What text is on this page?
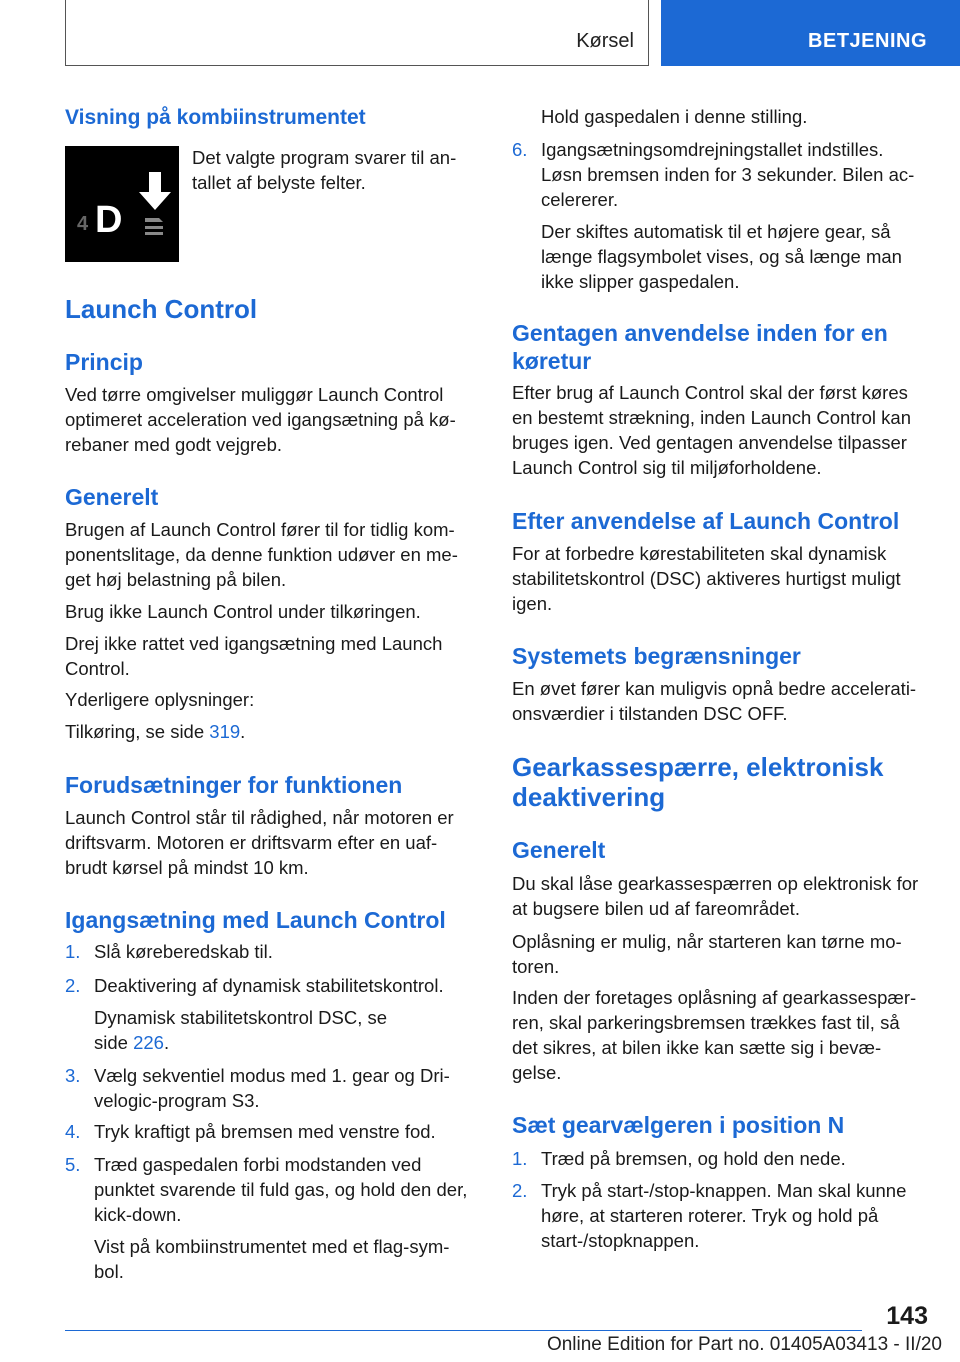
Kørsel	BETJENING
Visning på kombiinstrumentet
4 D
Det valgte program svarer til an-
tallet af belyste felter.
Launch Control
Princip
Ved tørre omgivelser muliggør Launch Control
optimeret acceleration ved igangsætning på kø-
rebaner med godt vejgreb.
Generelt
Brugen af Launch Control fører til for tidlig kom-
ponentslitage, da denne funktion udøver en me-
get høj belastning på bilen.
Brug ikke Launch Control under tilkøringen.
Drej ikke rattet ved igangsætning med Launch
Control.
Yderligere oplysninger:
Tilkøring, se side 319.
Forudsætninger for funktionen
Launch Control står til rådighed, når motoren er
driftsvarm. Motoren er driftsvarm efter en uaf-
brudt kørsel på mindst 10 km.
Igangsætning med Launch Control
1. Slå køreberedskab til.
2. Deaktivering af dynamisk stabilitetskontrol.
Dynamisk stabilitetskontrol DSC, se
side 226.
3. Vælg sekventiel modus med 1. gear og Dri-
velogic-program S3.
4. Tryk kraftigt på bremsen med venstre fod.
5. Træd gaspedalen forbi modstanden ved
punktet svarende til fuld gas, og hold den der,
kick-down.
Vist på kombiinstrumentet med et flag-sym-
bol.
Hold gaspedalen i denne stilling.
6. Igangsætningsomdrejningstallet indstilles.
Løsn bremsen inden for 3 sekunder. Bilen ac-
celererer.
Der skiftes automatisk til et højere gear, så
længe flagsymbolet vises, og så længe man
ikke slipper gaspedalen.
Gentagen anvendelse inden for en
køretur
Efter brug af Launch Control skal der først køres
en bestemt strækning, inden Launch Control kan
bruges igen. Ved gentagen anvendelse tilpasser
Launch Control sig til miljøforholdene.
Efter anvendelse af Launch Control
For at forbedre kørestabiliteten skal dynamisk
stabilitetskontrol (DSC) aktiveres hurtigst muligt
igen.
Systemets begrænsninger
En øvet fører kan muligvis opnå bedre accelerati-
onsværdier i tilstanden DSC OFF.
Gearkassespærre, elektronisk
deaktivering
Generelt
Du skal låse gearkassespærren op elektronisk for
at bugsere bilen ud af fareområdet.
Oplåsning er mulig, når starteren kan tørne mo-
toren.
Inden der foretages oplåsning af gearkassespær-
ren, skal parkeringsbremsen trækkes fast til, så
det sikres, at bilen ikke kan sætte sig i bevæ-
gelse.
Sæt gearvælgeren i position N
1. Træd på bremsen, og hold den nede.
2. Tryk på start-/stop-knappen. Man skal kunne
høre, at starteren roterer. Tryk og hold på
start-/stopknappen.
143
Online Edition for Part no. 01405A03413 - II/20
